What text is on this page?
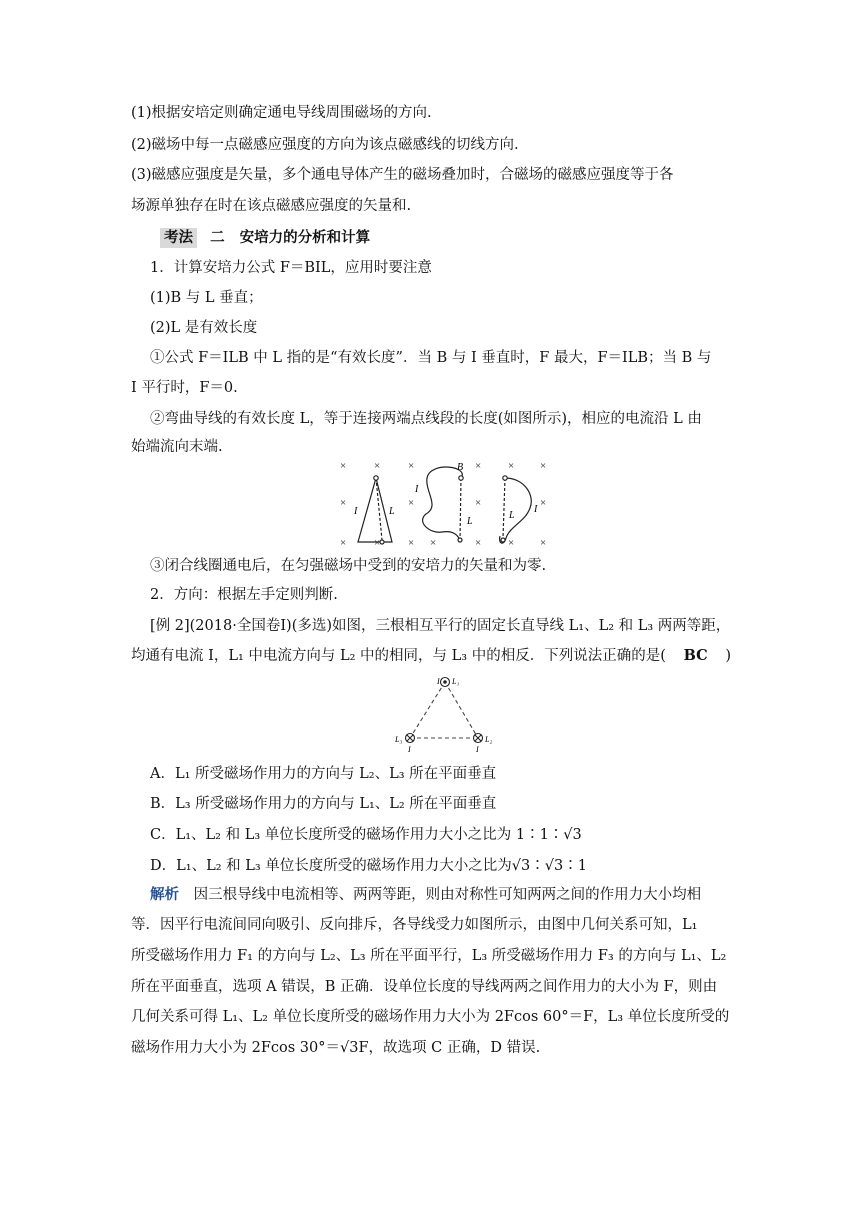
(1)根据安培定则确定通电导线周围磁场的方向.
(2)磁场中每一点磁感应强度的方向为该点磁感线的切线方向.
(3)磁感应强度是矢量，多个通电导体产生的磁场叠加时，合磁场的磁感应强度等于各
场源单独存在时在该点磁感应强度的矢量和.
考法 二 安培力的分析和计算
1．计算安培力公式 F＝BIL，应用时要注意
(1)B 与 L 垂直；
(2)L 是有效长度
①公式 F＝ILB 中 L 指的是“有效长度”．当 B 与 I 垂直时，F 最大，F＝ILB；当 B 与
I 平行时，F＝0.
②弯曲导线的有效长度 L，等于连接两端点线段的长度(如图所示)，相应的电流沿 L 由
始端流向末端.
×	×	×	× × ×
×	×	×	×
×	×	× ×	× × ×
I	L
B
I
L
L
I
③闭合线圈通电后，在匀强磁场中受到的安培力的矢量和为零.
2．方向：根据左手定则判断.
[例 2](2018·全国卷Ⅰ)(多选)如图，三根相互平行的固定长直导线 L₁、L₂ 和 L₃ 两两等距，
均通有电流 I，L₁ 中电流方向与 L₂ 中的相同，与 L₃ 中的相反．下列说法正确的是( BC )
I L₁
L₃
I
L₂
I
A．L₁ 所受磁场作用力的方向与 L₂、L₃ 所在平面垂直
B．L₃ 所受磁场作用力的方向与 L₁、L₂ 所在平面垂直
C．L₁、L₂ 和 L₃ 单位长度所受的磁场作用力大小之比为 1∶1∶√3
D．L₁、L₂ 和 L₃ 单位长度所受的磁场作用力大小之比为√3∶√3∶1
解析 因三根导线中电流相等、两两等距，则由对称性可知两两之间的作用力大小均相
等．因平行电流间同向吸引、反向排斥，各导线受力如图所示，由图中几何关系可知，L₁
所受磁场作用力 F₁ 的方向与 L₂、L₃ 所在平面平行，L₃ 所受磁场作用力 F₃ 的方向与 L₁、L₂
所在平面垂直，选项 A 错误，B 正确．设单位长度的导线两两之间作用力的大小为 F，则由
几何关系可得 L₁、L₂ 单位长度所受的磁场作用力大小为 2Fcos 60°＝F，L₃ 单位长度所受的
磁场作用力大小为 2Fcos 30°＝√3F，故选项 C 正确，D 错误.
